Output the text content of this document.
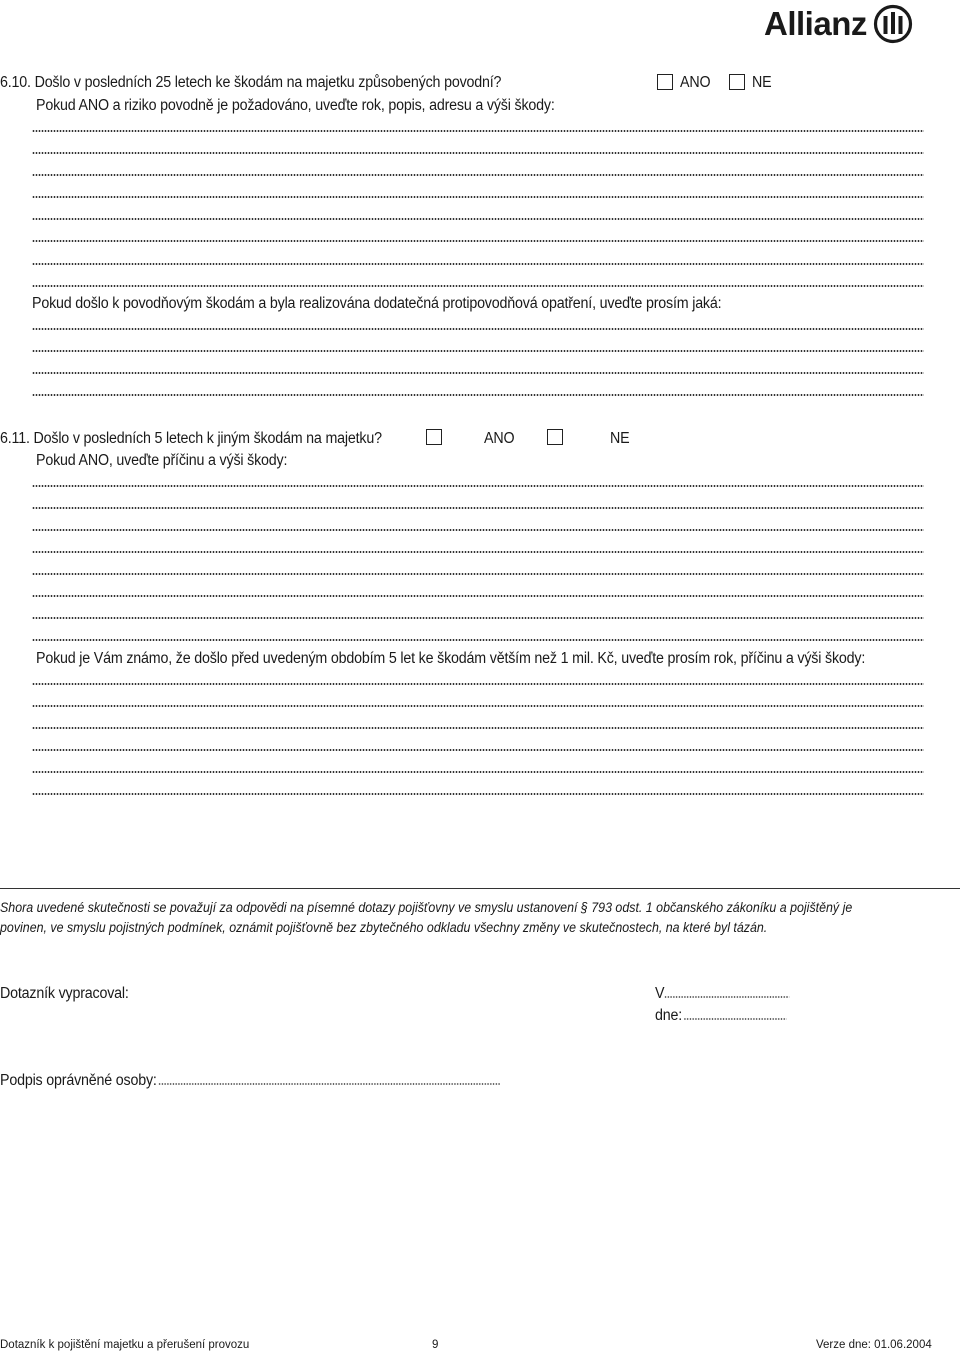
Allianz
6.10. Došlo v posledních 25 letech ke škodám na majetku způsobených povodní?	ANO	NE
Pokud ANO a riziko povodně je požadováno, uveďte rok, popis, adresu a výši škody:
Pokud došlo k povodňovým škodám a byla realizována dodatečná protipovodňová opatření, uveďte prosím jaká:
6.11. Došlo v posledních 5 letech k jiným škodám na majetku?	ANO	NE
Pokud ANO, uveďte příčinu a výši škody:
Pokud je Vám známo, že došlo před uvedeným obdobím 5 let ke škodám větším než 1 mil. Kč, uveďte prosím rok, příčinu a výši škody:
Shora uvedené skutečnosti se považují za odpovědi na písemné dotazy pojišťovny ve smyslu ustanovení § 793 odst. 1 občanského zákoníku a pojištěný je
povinen, ve smyslu pojistných podmínek, oznámit pojišťovně bez zbytečného odkladu všechny změny ve skutečnostech, na které byl tázán.
Dotazník vypracoval:	V
dne:
Podpis oprávněné osoby:
Dotazník k pojištění majetku a přerušení provozu	9	Verze dne: 01.06.2004
